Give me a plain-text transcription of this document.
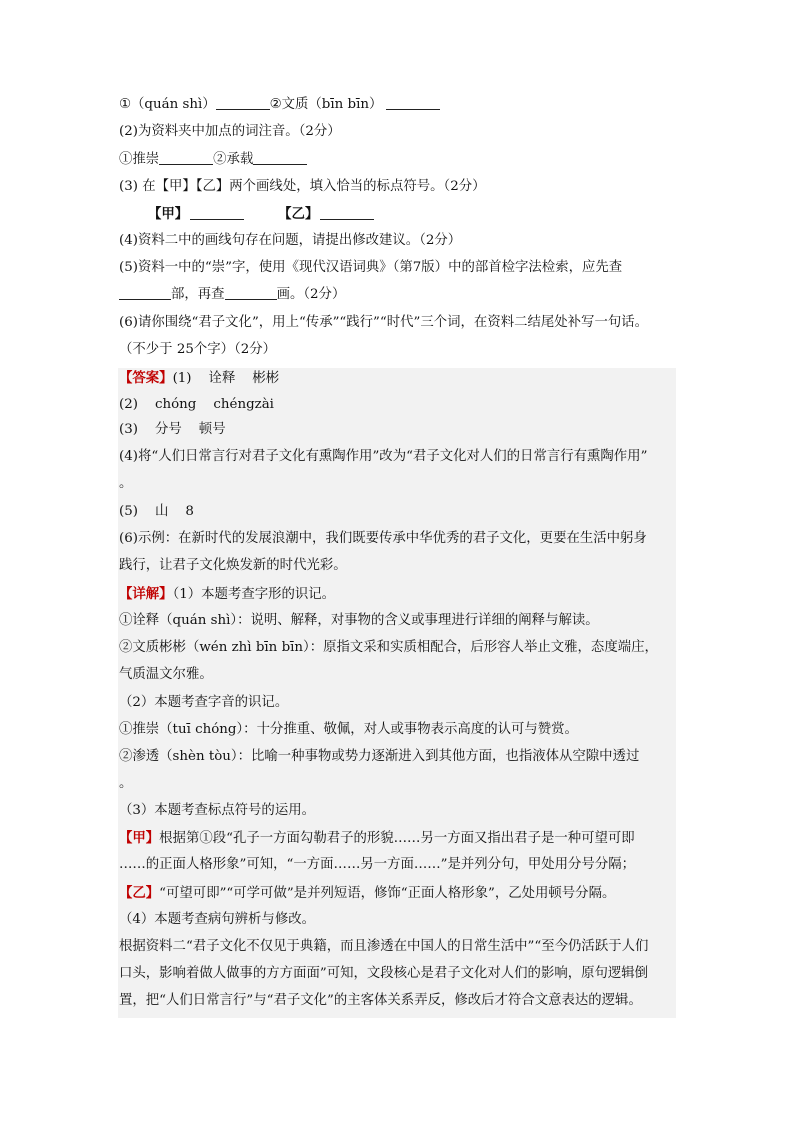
①（quán shì）	②文质（bīn bīn）
(2)为资料夹中加点的词注音。（2分）
①推崇	②承载
(3) 在【甲】【乙】两个画线处，填入恰当的标点符号。（2分）
【甲】	【乙】
(4)资料二中的画线句存在问题，请提出修改建议。（2分）
(5)资料一中的“崇”字，使用《现代汉语词典》（第7版）中的部首检字法检索，应先查
部，再查	画。（2分）
(6)请你围绕“君子文化”，用上“传承”“践行”“时代”三个词，在资料二结尾处补写一句话。
（不少于 25个字）（2分）
【答案】(1)    诠释    彬彬
(2)    chóng    chéngzài
(3)    分号    顿号
(4)将“人们日常言行对君子文化有熏陶作用”改为“君子文化对人们的日常言行有熏陶作用”
。
(5)    山    8
(6)示例：在新时代的发展浪潮中，我们既要传承中华优秀的君子文化，更要在生活中躬身
践行，让君子文化焕发新的时代光彩。
【详解】（1）本题考查字形的识记。
①诠释（quán shì）：说明、解释，对事物的含义或事理进行详细的阐释与解读。
②文质彬彬（wén zhì bīn bīn）：原指文采和实质相配合，后形容人举止文雅，态度端庄，
气质温文尔雅。
（2）本题考查字音的识记。
①推崇（tuī chóng）：十分推重、敬佩，对人或事物表示高度的认可与赞赏。
②渗透（shèn tòu）：比喻一种事物或势力逐渐进入到其他方面，也指液体从空隙中透过
。
（3）本题考查标点符号的运用。
【甲】根据第①段“孔子一方面勾勒君子的形貌……另一方面又指出君子是一种可望可即
……的正面人格形象”可知，“一方面……另一方面……”是并列分句，甲处用分号分隔；
【乙】“可望可即”“可学可做”是并列短语，修饰“正面人格形象”，乙处用顿号分隔。
（4）本题考查病句辨析与修改。
根据资料二“君子文化不仅见于典籍，而且渗透在中国人的日常生活中”“至今仍活跃于人们
口头，影响着做人做事的方方面面”可知，文段核心是君子文化对人们的影响，原句逻辑倒
置，把“人们日常言行”与“君子文化”的主客体关系弄反，修改后才符合文意表达的逻辑。
